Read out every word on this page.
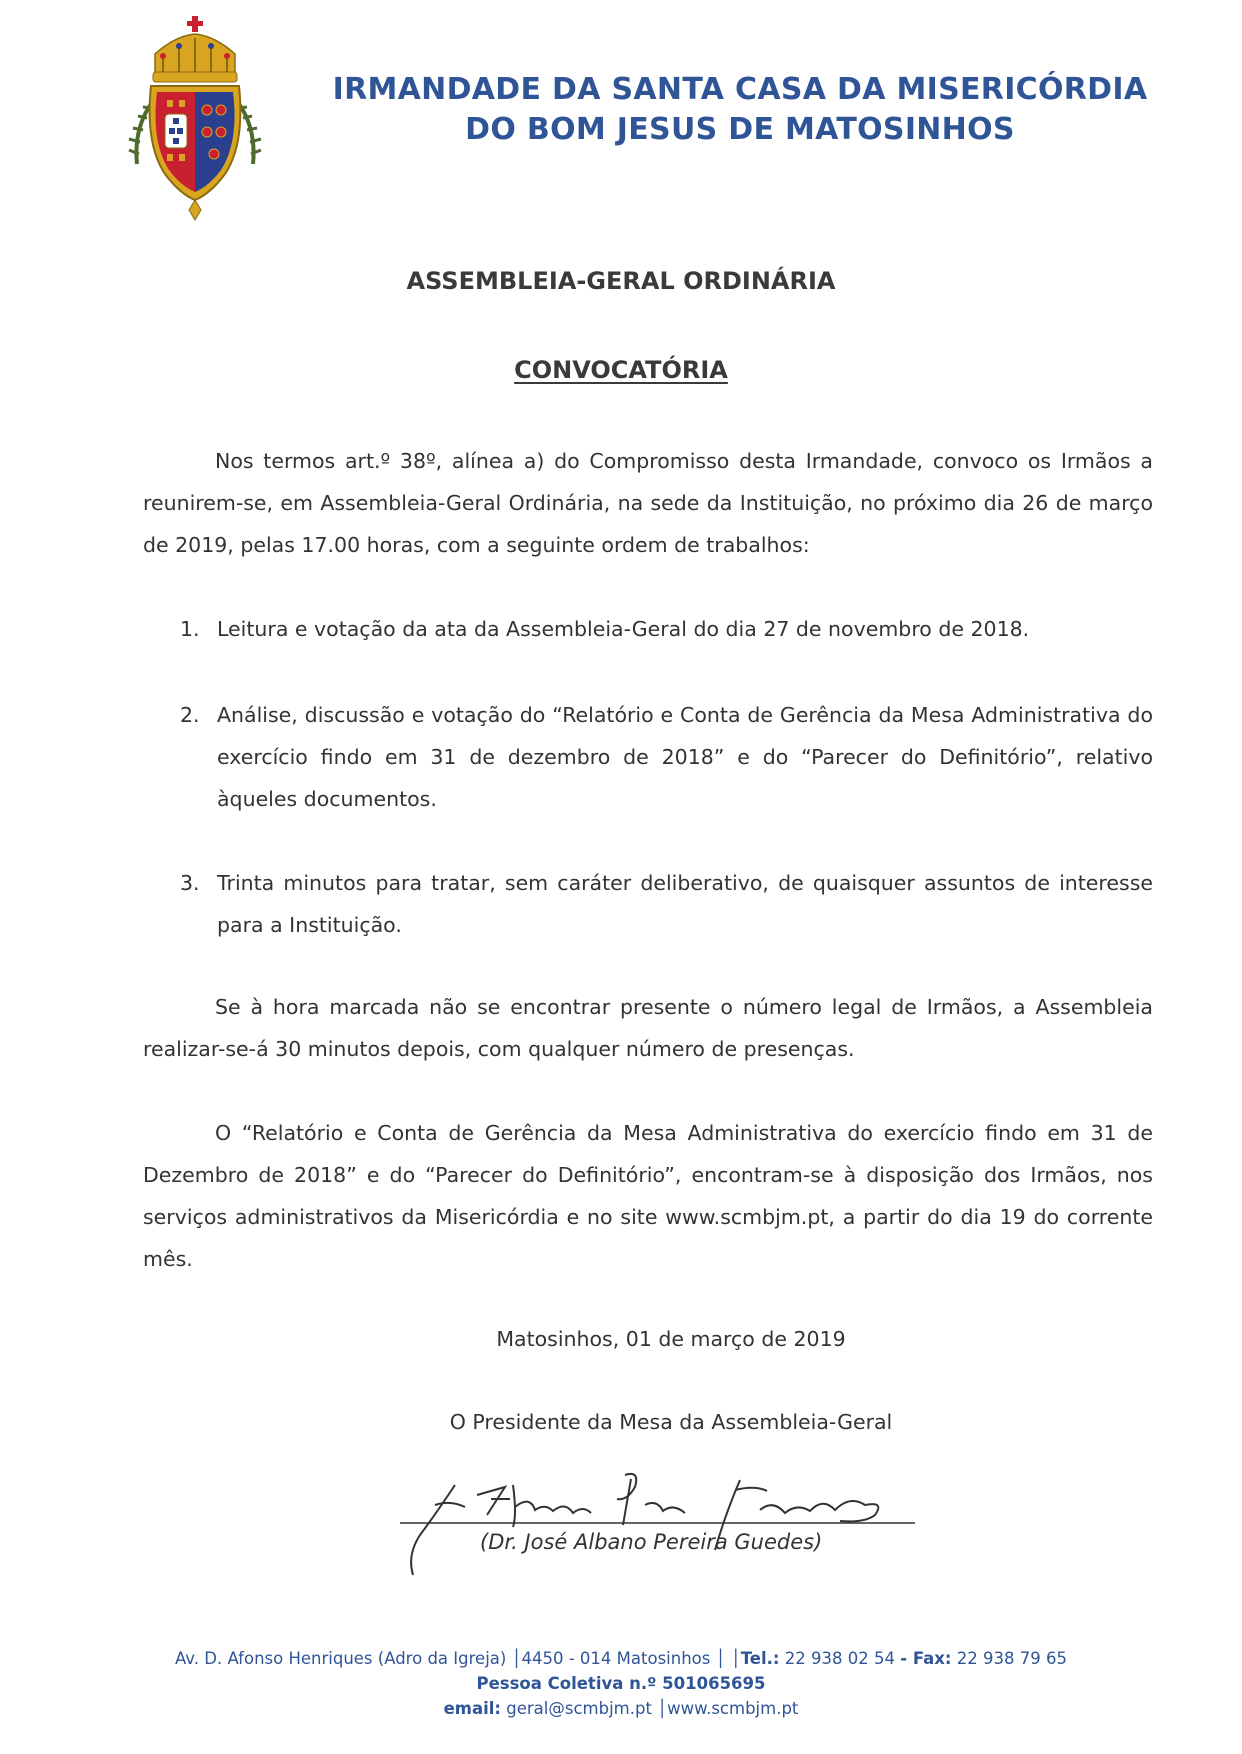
IRMANDADE DA SANTA CASA DA MISERICÓRDIA
DO BOM JESUS DE MATOSINHOS
ASSEMBLEIA-GERAL ORDINÁRIA
CONVOCATÓRIA
Nos termos art.º 38º, alínea a) do Compromisso desta Irmandade, convoco os Irmãos a reunirem-se, em Assembleia-Geral Ordinária, na sede da Instituição, no próximo dia 26 de março de 2019, pelas 17.00 horas, com a seguinte ordem de trabalhos:
1. Leitura e votação da ata da Assembleia-Geral do dia 27 de novembro de 2018.
2. Análise, discussão e votação do “Relatório e Conta de Gerência da Mesa Administrativa do exercício findo em 31 de dezembro de 2018” e do “Parecer do Definitório”, relativo àqueles documentos.
3. Trinta minutos para tratar, sem caráter deliberativo, de quaisquer assuntos de interesse para a Instituição.
Se à hora marcada não se encontrar presente o número legal de Irmãos, a Assembleia realizar-se-á 30 minutos depois, com qualquer número de presenças.
O “Relatório e Conta de Gerência da Mesa Administrativa do exercício findo em 31 de Dezembro de 2018” e do “Parecer do Definitório”, encontram-se à disposição dos Irmãos, nos serviços administrativos da Misericórdia e no site www.scmbjm.pt, a partir do dia 19 do corrente mês.
Matosinhos, 01 de março de 2019
O Presidente da Mesa da Assembleia-Geral
(Dr. José Albano Pereira Guedes)
Av. D. Afonso Henriques (Adro da Igreja) │4450 - 014 Matosinhos │ │Tel.: 22 938 02 54 - Fax: 22 938 79 65
Pessoa Coletiva n.º 501065695
email: geral@scmbjm.pt │www.scmbjm.pt
